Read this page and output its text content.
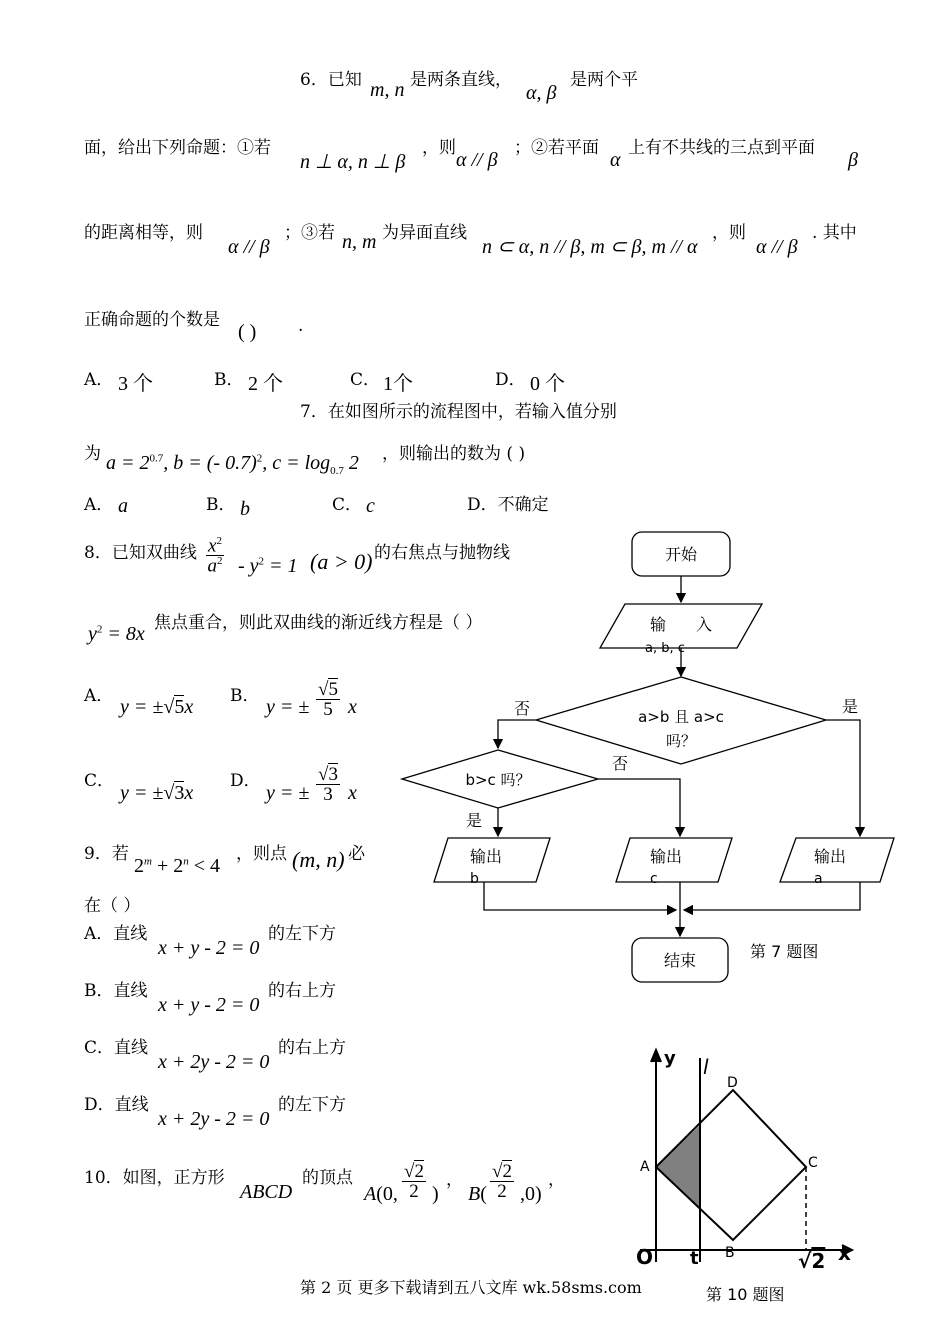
6．已知 m, n 是两条直线，
α, β
是两个平
面，给出下列命题：①若
n ⊥ α, n ⊥ β
，则
α // β
；②若平面
α
上有不共线的三点到平面
β
的距离相等，则
α // β
；③若 n, m 为异面直线
n ⊂ α, n // β, m ⊂ β, m // α
，则
α // β
. 其中
正确命题的个数是
( ) .
A． 3 个	B． 2 个	C． 1个	D． 0 个
7．在如图所示的流程图中，若输入值分别
为 $a = 2^{0.7}$, b = (- 0.7)$^2$, $c = \log_{0.7} 2$ ，则输出的数为 ( )
A． a	B． b	C． c	D．不确定
8．已知双曲线 $\frac{x^2}{a^2} - y^2 = 1$ (a > 0) 的右焦点与抛物线
$y^2 = 8x$ 焦点重合，则此双曲线的渐近线方程是（ ）
A． y = ±√5x B． y = ± $\frac{√5}{5}$ x
C．
y = ±√3x
D．
y = ± $\frac{√3}{3}$ x
9．若
$2^m + 2^n < 4$
，则点 (m, n) 必
在（ ）
A．直线
x + y - 2 = 0
的左下方
B．直线
x + y - 2 = 0
的右上方
C．直线
x + 2y - 2 = 0
的右上方
D．直线
x + 2y - 2 = 0
的左下方
10．如图，正方形
ABCD
的顶点
A(0, $\frac{√2}{2}$ )
，
$B( \frac{√2}{2} ,0)$
，
开始
输 入
a, b, c
a>b 且 a>c
吗？
否	是
b>c 吗？
否
是
输出
b
输出
c
输出
a
结束	第 7 题图
y l
D
A	C
O t B	√2 x
第 10 题图
第 2 页 更多下载请到五八文库 wk.58sms.com
